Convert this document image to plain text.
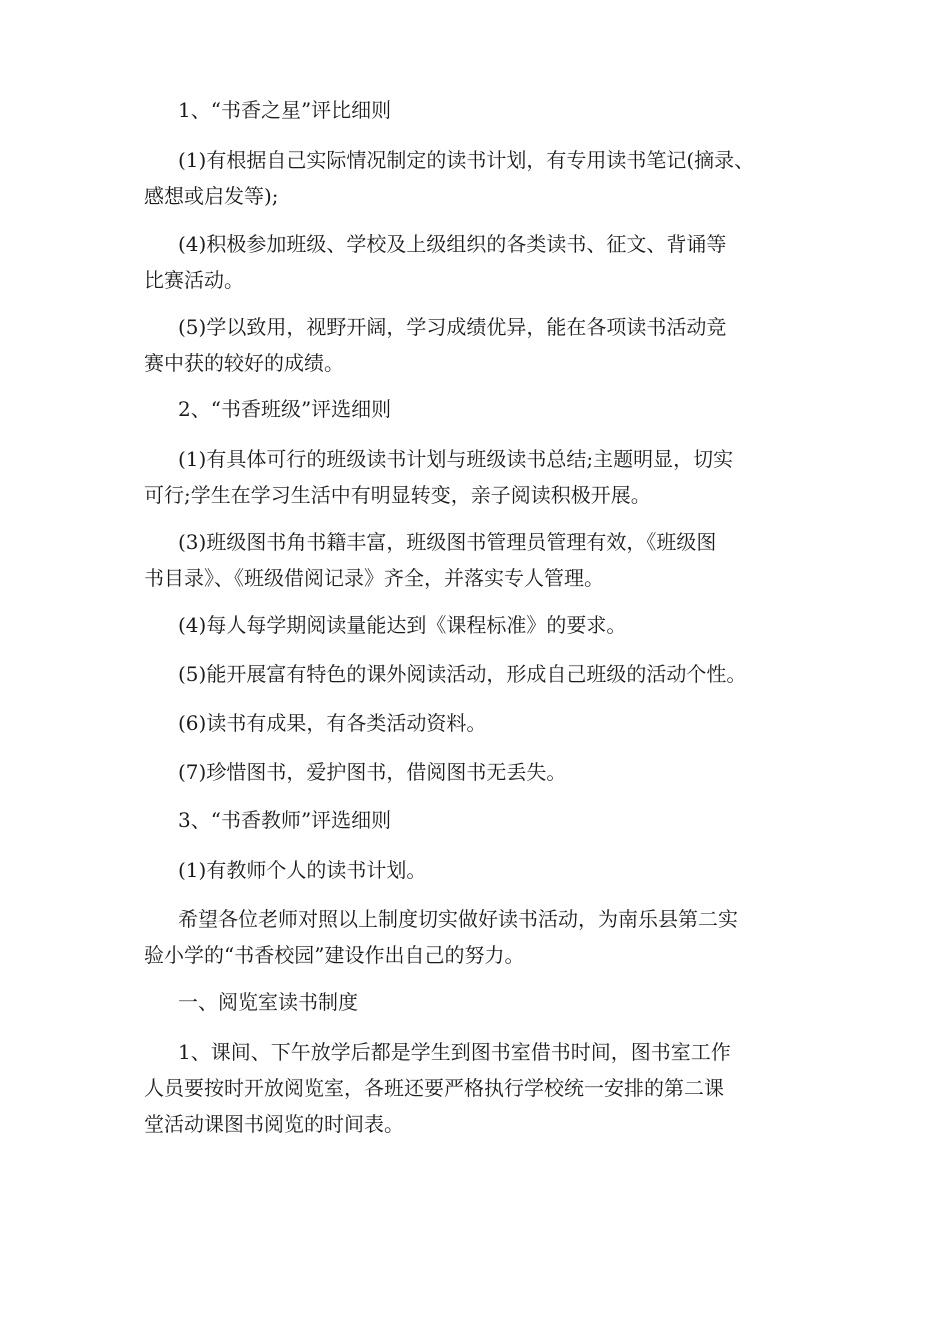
1、“书香之星”评比细则
(1)有根据自己实际情况制定的读书计划，有专用读书笔记(摘录、
感想或启发等);
(4)积极参加班级、学校及上级组织的各类读书、征文、背诵等
比赛活动。
(5)学以致用，视野开阔，学习成绩优异，能在各项读书活动竞
赛中获的较好的成绩。
2、“书香班级”评选细则
(1)有具体可行的班级读书计划与班级读书总结;主题明显，切实
可行;学生在学习生活中有明显转变，亲子阅读积极开展。
(3)班级图书角书籍丰富，班级图书管理员管理有效，《班级图
书目录》、《班级借阅记录》齐全，并落实专人管理。
(4)每人每学期阅读量能达到《课程标准》的要求。
(5)能开展富有特色的课外阅读活动，形成自己班级的活动个性。
(6)读书有成果，有各类活动资料。
(7)珍惜图书，爱护图书，借阅图书无丢失。
3、“书香教师”评选细则
(1)有教师个人的读书计划。
希望各位老师对照以上制度切实做好读书活动，为南乐县第二实
验小学的“书香校园”建设作出自己的努力。
一、阅览室读书制度
1、课间、下午放学后都是学生到图书室借书时间，图书室工作
人员要按时开放阅览室，各班还要严格执行学校统一安排的第二课
堂活动课图书阅览的时间表。
